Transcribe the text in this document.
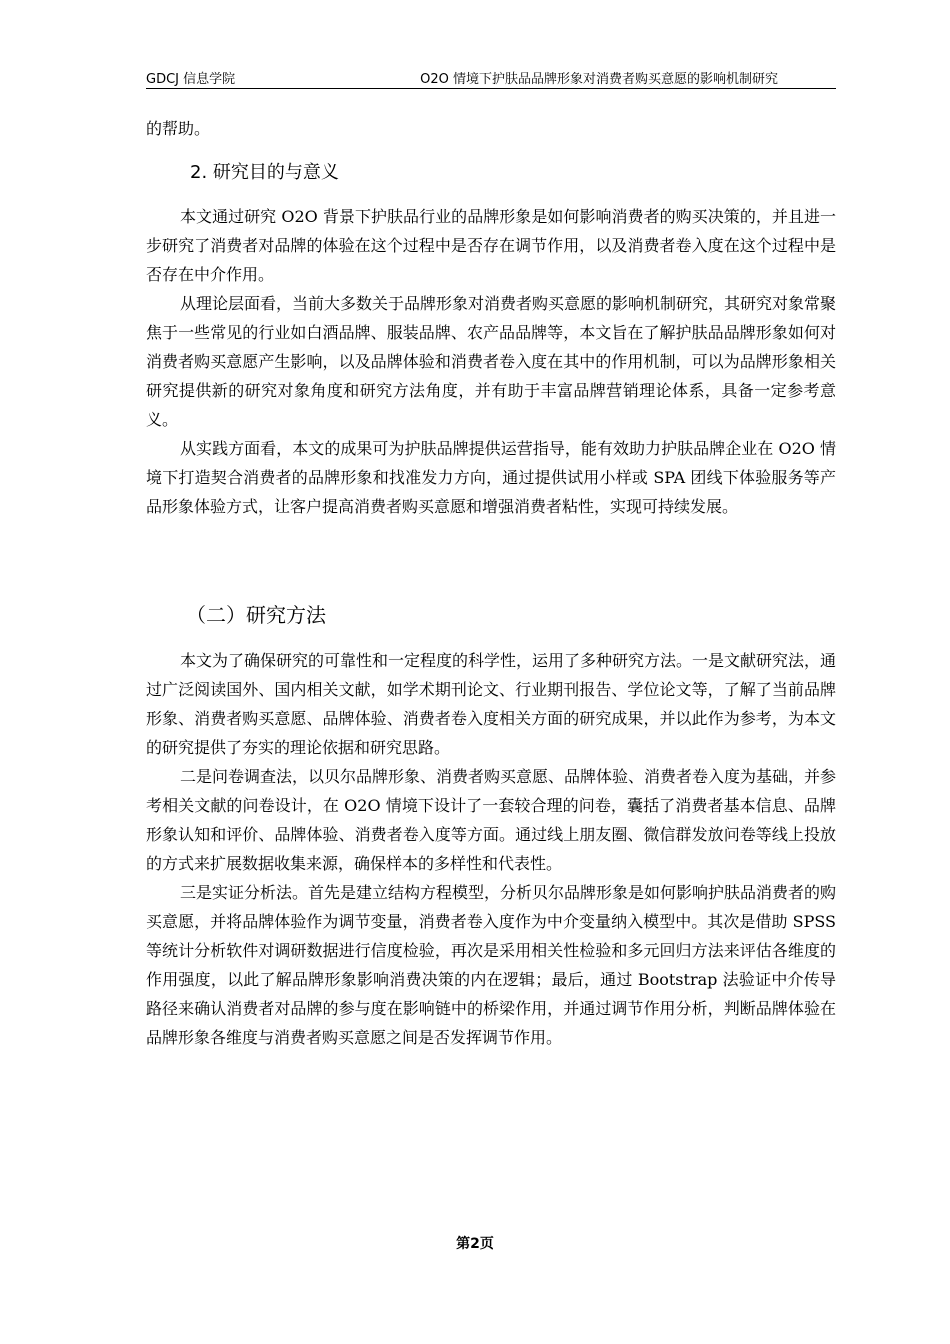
GDCJ 信息学院	O2O 情境下护肤品品牌形象对消费者购买意愿的影响机制研究

的帮助。

2. 研究目的与意义

本文通过研究 O2O 背景下护肤品行业的品牌形象是如何影响消费者的购买决策的，并且进一步研究了消费者对品牌的体验在这个过程中是否存在调节作用，以及消费者卷入度在这个过程中是否存在中介作用。

从理论层面看，当前大多数关于品牌形象对消费者购买意愿的影响机制研究，其研究对象常聚焦于一些常见的行业如白酒品牌、服装品牌、农产品品牌等，本文旨在了解护肤品品牌形象如何对消费者购买意愿产生影响，以及品牌体验和消费者卷入度在其中的作用机制，可以为品牌形象相关研究提供新的研究对象角度和研究方法角度，并有助于丰富品牌营销理论体系，具备一定参考意义。

从实践方面看，本文的成果可为护肤品牌提供运营指导，能有效助力护肤品牌企业在 O2O 情境下打造契合消费者的品牌形象和找准发力方向，通过提供试用小样或 SPA 团线下体验服务等产品形象体验方式，让客户提高消费者购买意愿和增强消费者粘性，实现可持续发展。

（二）研究方法

本文为了确保研究的可靠性和一定程度的科学性，运用了多种研究方法。一是文献研究法，通过广泛阅读国外、国内相关文献，如学术期刊论文、行业期刊报告、学位论文等，了解了当前品牌形象、消费者购买意愿、品牌体验、消费者卷入度相关方面的研究成果，并以此作为参考，为本文的研究提供了夯实的理论依据和研究思路。

二是问卷调查法，以贝尔品牌形象、消费者购买意愿、品牌体验、消费者卷入度为基础，并参考相关文献的问卷设计，在 O2O 情境下设计了一套较合理的问卷，囊括了消费者基本信息、品牌形象认知和评价、品牌体验、消费者卷入度等方面。通过线上朋友圈、微信群发放问卷等线上投放的方式来扩展数据收集来源，确保样本的多样性和代表性。

三是实证分析法。首先是建立结构方程模型，分析贝尔品牌形象是如何影响护肤品消费者的购买意愿，并将品牌体验作为调节变量，消费者卷入度作为中介变量纳入模型中。其次是借助 SPSS 等统计分析软件对调研数据进行信度检验，再次是采用相关性检验和多元回归方法来评估各维度的作用强度，以此了解品牌形象影响消费决策的内在逻辑；最后，通过 Bootstrap 法验证中介传导路径来确认消费者对品牌的参与度在影响链中的桥梁作用，并通过调节作用分析，判断品牌体验在品牌形象各维度与消费者购买意愿之间是否发挥调节作用。

第2页
